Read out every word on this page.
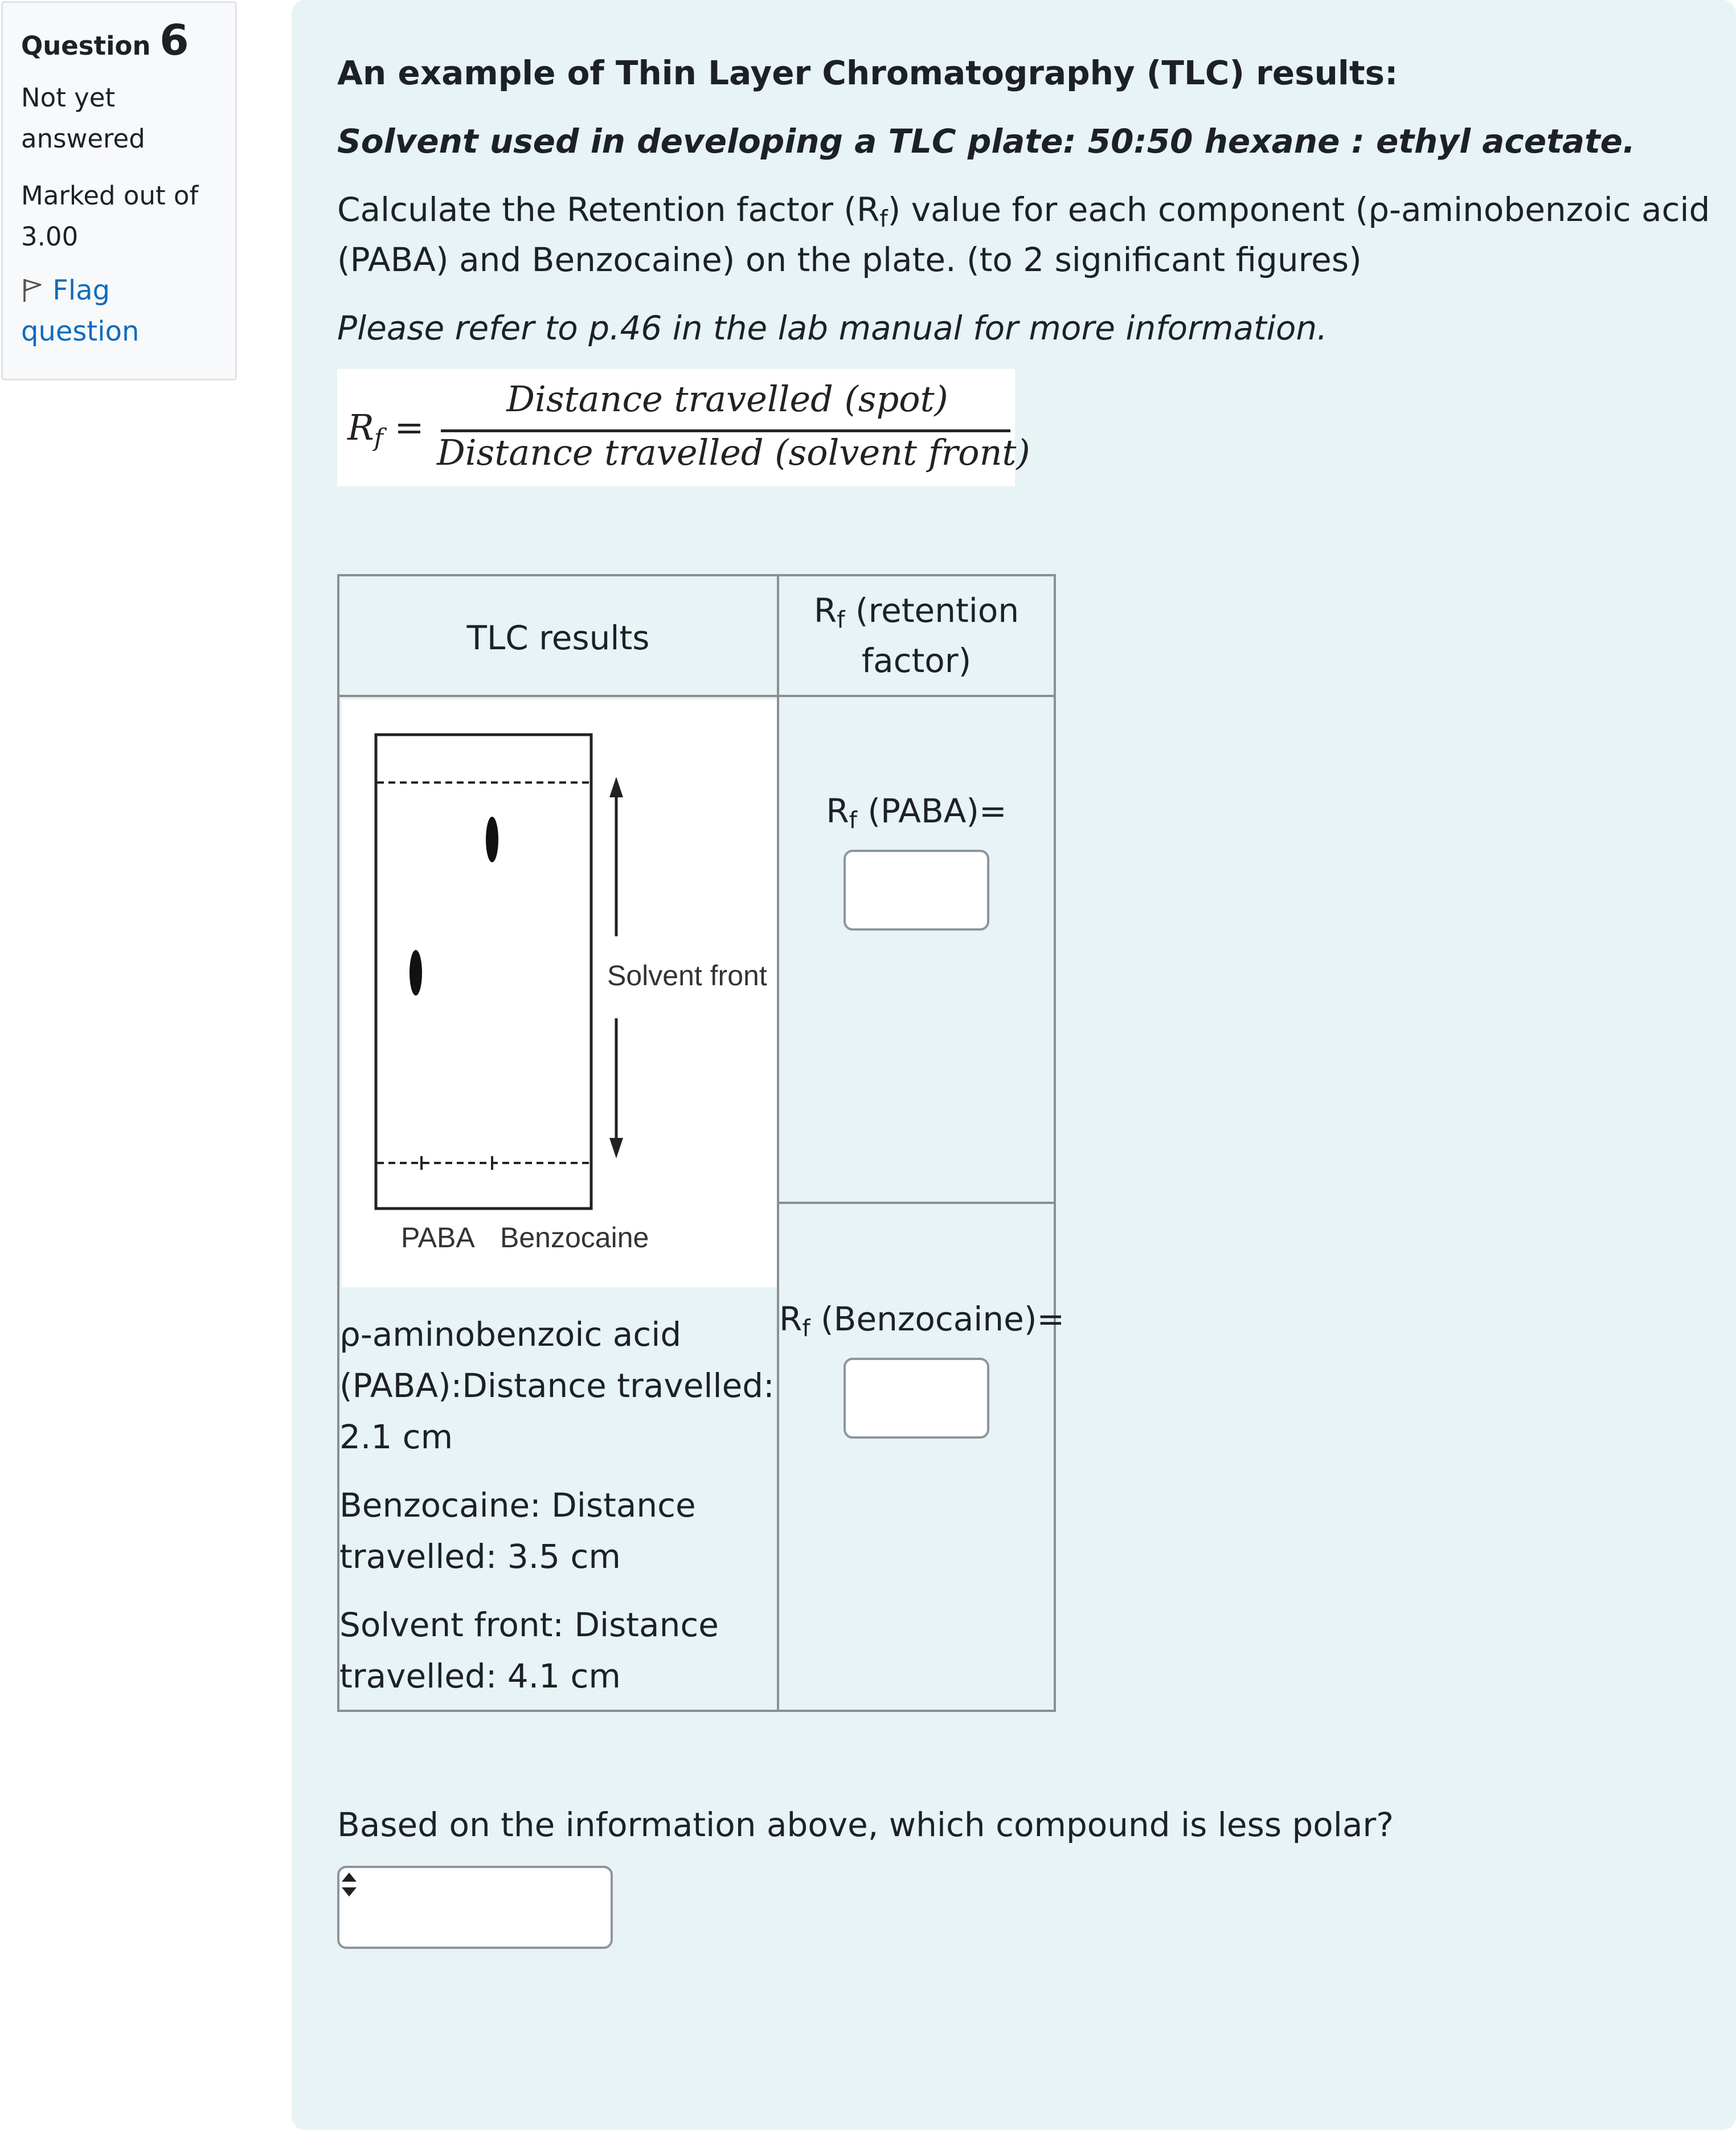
Question 6
Not yet answered
Marked out of 3.00
Flag question

An example of Thin Layer Chromatography (TLC) results:

Solvent used in developing a TLC plate: 50:50 hexane : ethyl acetate.

Calculate the Retention factor $(R_f)$ value for each component (ρ-aminobenzoic acid

(PABA) and Benzocaine) on the plate. (to 2 significant figures)

Please refer to p.46 in the lab manual for more information.

$R_f$ =
Distance travelled (spot)
Distance travelled (solvent front)
TLC results
$R_f$ (retention
factor)
Solvent front
PABA Benzocaine
ρ-aminobenzoic acid
(PABA):Distance travelled:
2.1 cm
Benzocaine: Distance
travelled: 3.5 cm
Solvent front: Distance
travelled: 4.1 cm
$R_f$ (PABA)=
$R_f$ (Benzocaine)=

Based on the information above, which compound is less polar?
